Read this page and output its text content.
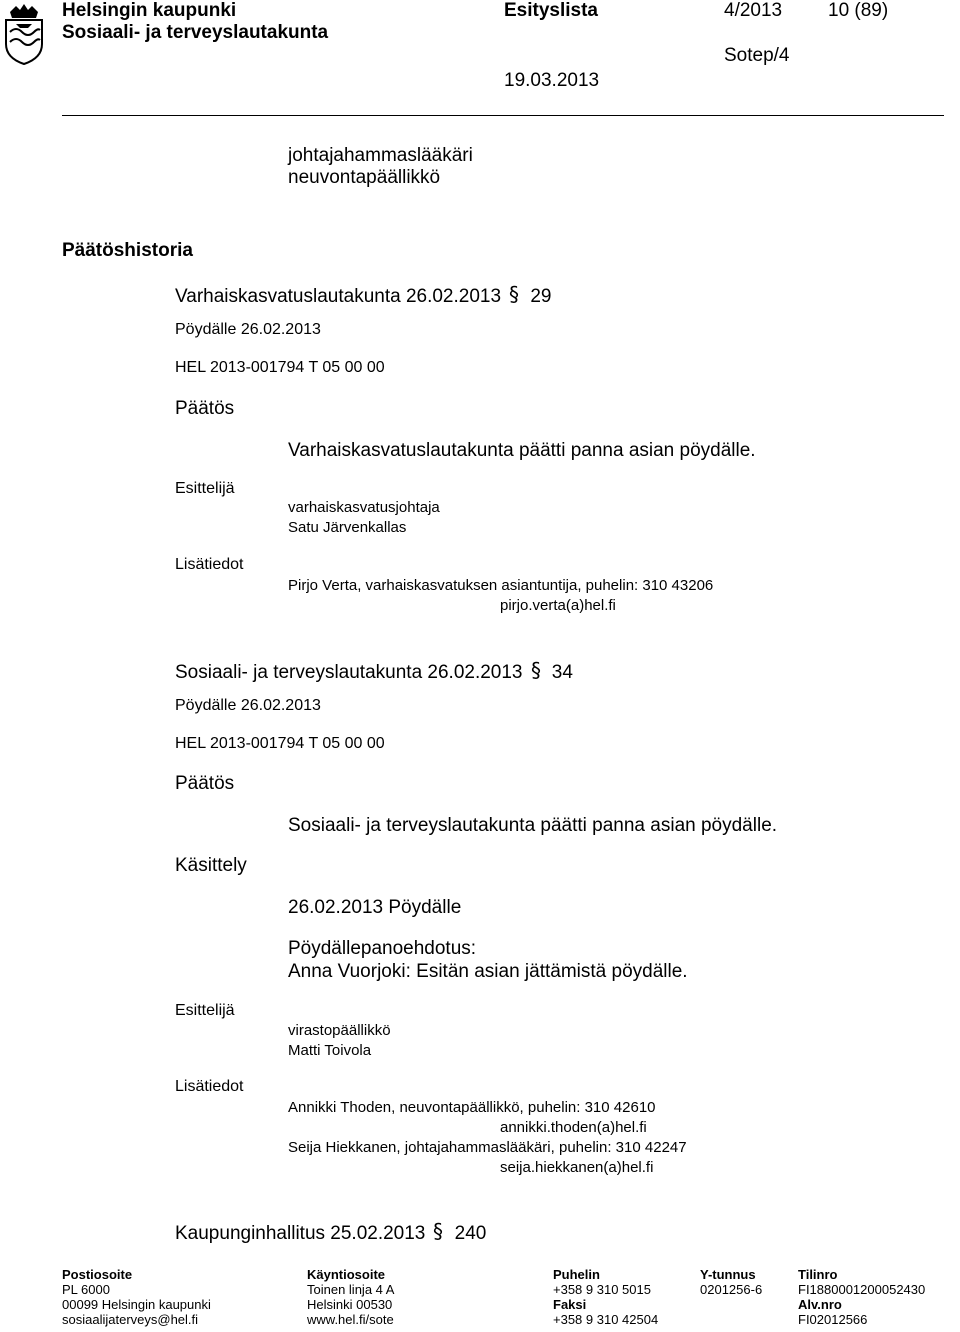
Helsingin kaupunki
Sosiaali- ja terveyslautakunta
Esityslista	4/2013 10 (89)
Sotep/4
19.03.2013
johtajahammaslääkäri
neuvontapäällikkö
Päätöshistoria
Varhaiskasvatuslautakunta 26.02.2013 § 29
Pöydälle 26.02.2013
HEL 2013-001794 T 05 00 00
Päätös
Varhaiskasvatuslautakunta päätti panna asian pöydälle.
Esittelijä
varhaiskasvatusjohtaja
Satu Järvenkallas
Lisätiedot
Pirjo Verta, varhaiskasvatuksen asiantuntija, puhelin: 310 43206
pirjo.verta(a)hel.fi
Sosiaali- ja terveyslautakunta 26.02.2013 § 34
Pöydälle 26.02.2013
HEL 2013-001794 T 05 00 00
Päätös
Sosiaali- ja terveyslautakunta päätti panna asian pöydälle.
Käsittely
26.02.2013 Pöydälle
Pöydällepanoehdotus:
Anna Vuorjoki: Esitän asian jättämistä pöydälle.
Esittelijä
virastopäällikkö
Matti Toivola
Lisätiedot
Annikki Thoden, neuvontapäällikkö, puhelin: 310 42610
annikki.thoden(a)hel.fi
Seija Hiekkanen, johtajahammaslääkäri, puhelin: 310 42247
seija.hiekkanen(a)hel.fi
Kaupunginhallitus 25.02.2013 § 240
Postiosoite
PL 6000
00099 Helsingin kaupunki
sosiaalijaterveys@hel.fi
Käyntiosoite
Toinen linja 4 A
Helsinki 00530
www.hel.fi/sote
Puhelin
+358 9 310 5015
Faksi
+358 9 310 42504
Y-tunnus
0201256-6
Tilinro
FI1880001200052430
Alv.nro
FI02012566
